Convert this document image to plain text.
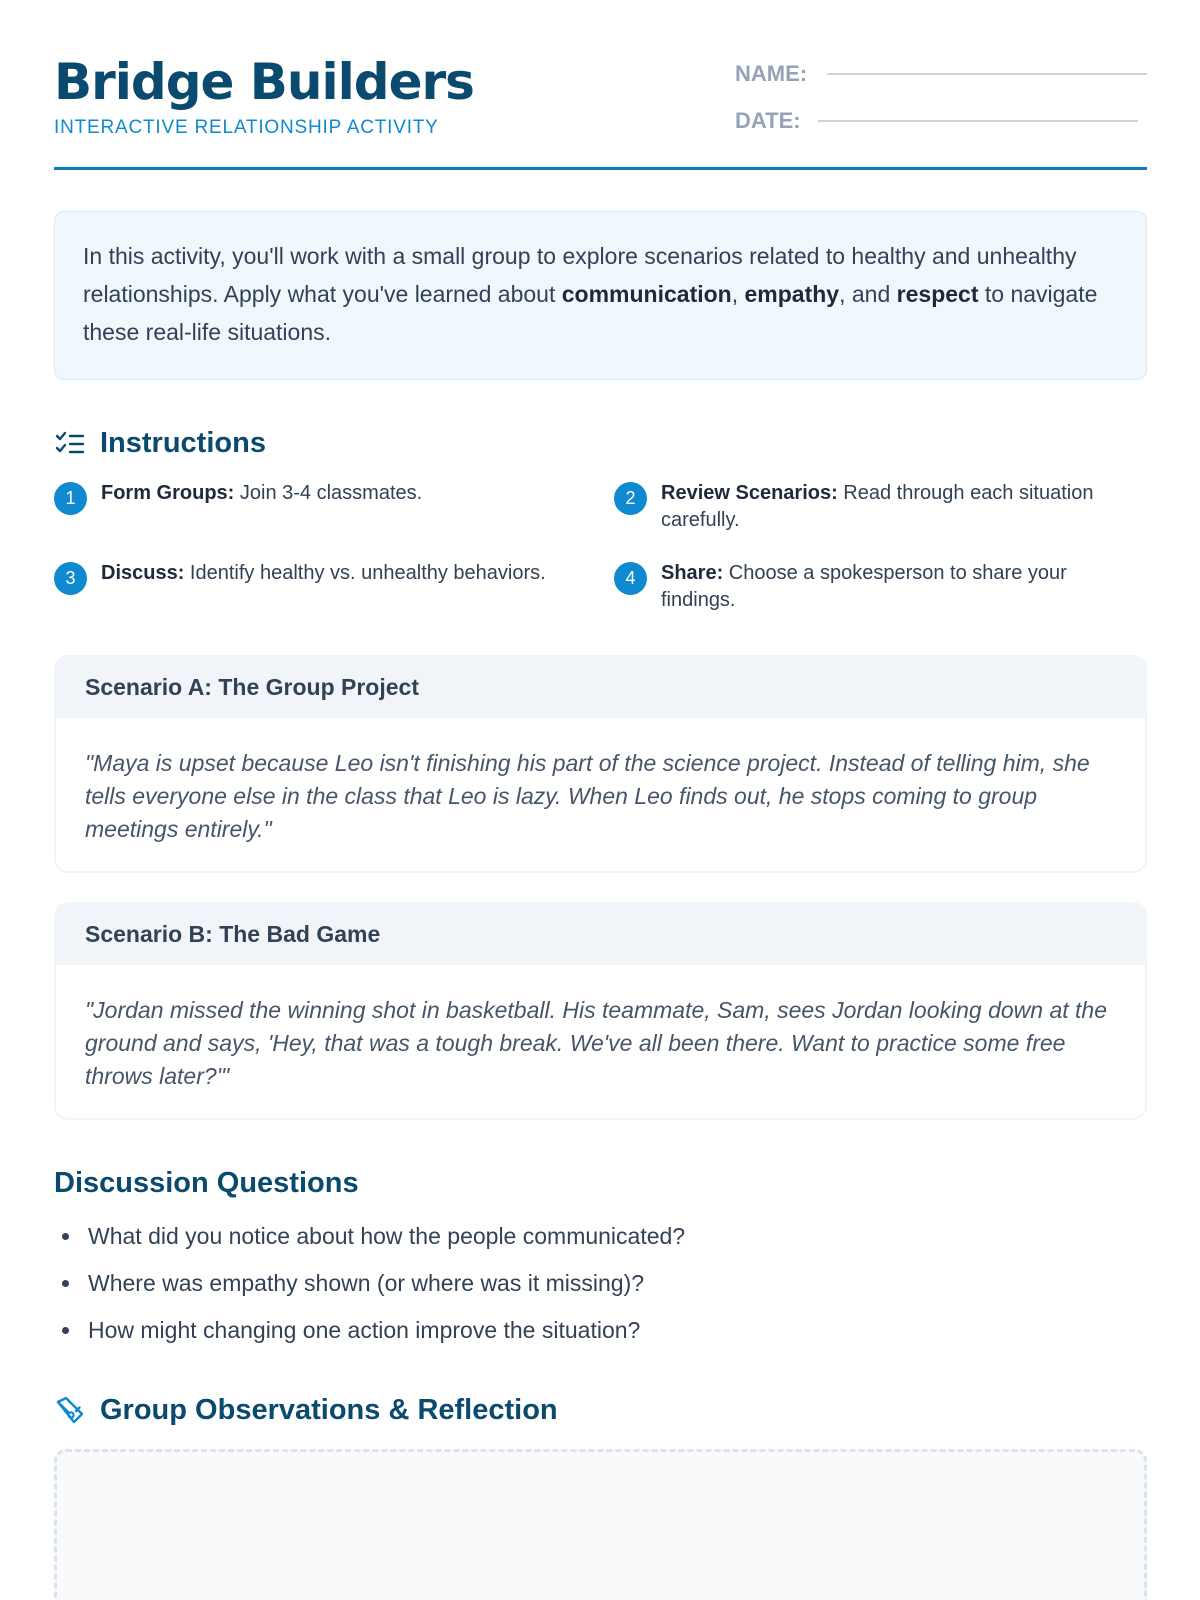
Bridge Builders
INTERACTIVE RELATIONSHIP ACTIVITY
NAME:
DATE:
In this activity, you'll work with a small group to explore scenarios related to healthy and unhealthy relationships. Apply what you've learned about communication, empathy, and respect to navigate these real-life situations.
Instructions
1	Form Groups: Join 3-4 classmates.	2	Review Scenarios: Read through each situation carefully.
3	Discuss: Identify healthy vs. unhealthy behaviors.	4	Share: Choose a spokesperson to share your findings.
Scenario A: The Group Project
"Maya is upset because Leo isn't finishing his part of the science project. Instead of telling him, she tells everyone else in the class that Leo is lazy. When Leo finds out, he stops coming to group meetings entirely."
Scenario B: The Bad Game
"Jordan missed the winning shot in basketball. His teammate, Sam, sees Jordan looking down at the ground and says, 'Hey, that was a tough break. We've all been there. Want to practice some free throws later?'"
Discussion Questions
What did you notice about how the people communicated?
Where was empathy shown (or where was it missing)?
How might changing one action improve the situation?
Group Observations & Reflection
